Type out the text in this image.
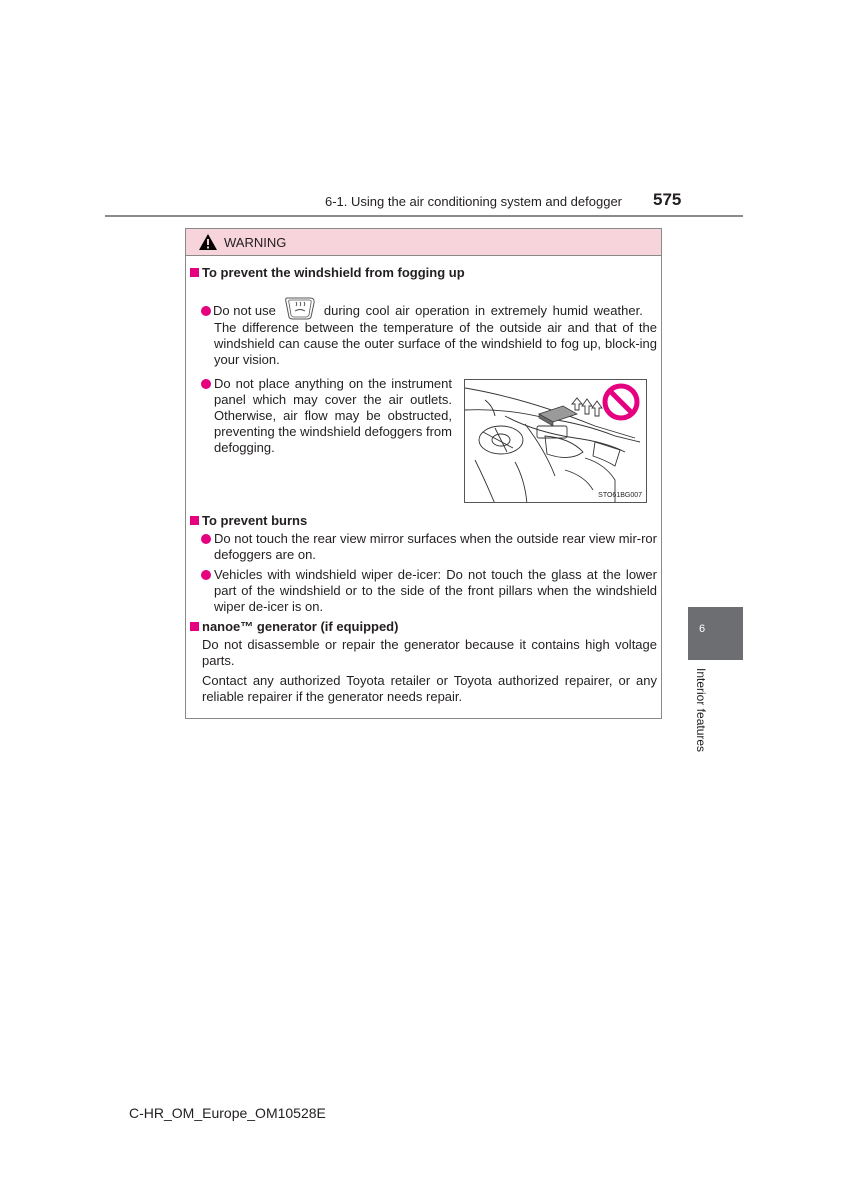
6-1. Using the air conditioning system and defogger 575
WARNING
To prevent the windshield from fogging up
Do not use	during cool air operation in extremely humid weather.
The difference between the temperature of the outside air and that of the windshield can cause the outer surface of the windshield to fog up, block-ing your vision.
Do not place anything on the instrument panel which may cover the air outlets. Otherwise, air flow may be obstructed, preventing the windshield defoggers from defogging.
STO61BG007
To prevent burns
Do not touch the rear view mirror surfaces when the outside rear view mir-ror defoggers are on.
Vehicles with windshield wiper de-icer: Do not touch the glass at the lower part of the windshield or to the side of the front pillars when the windshield wiper de-icer is on.
nanoe™ generator (if equipped)
Do not disassemble or repair the generator because it contains high voltage parts.
Contact any authorized Toyota retailer or Toyota authorized repairer, or any reliable repairer if the generator needs repair.
6
Interior features
C-HR_OM_Europe_OM10528E
